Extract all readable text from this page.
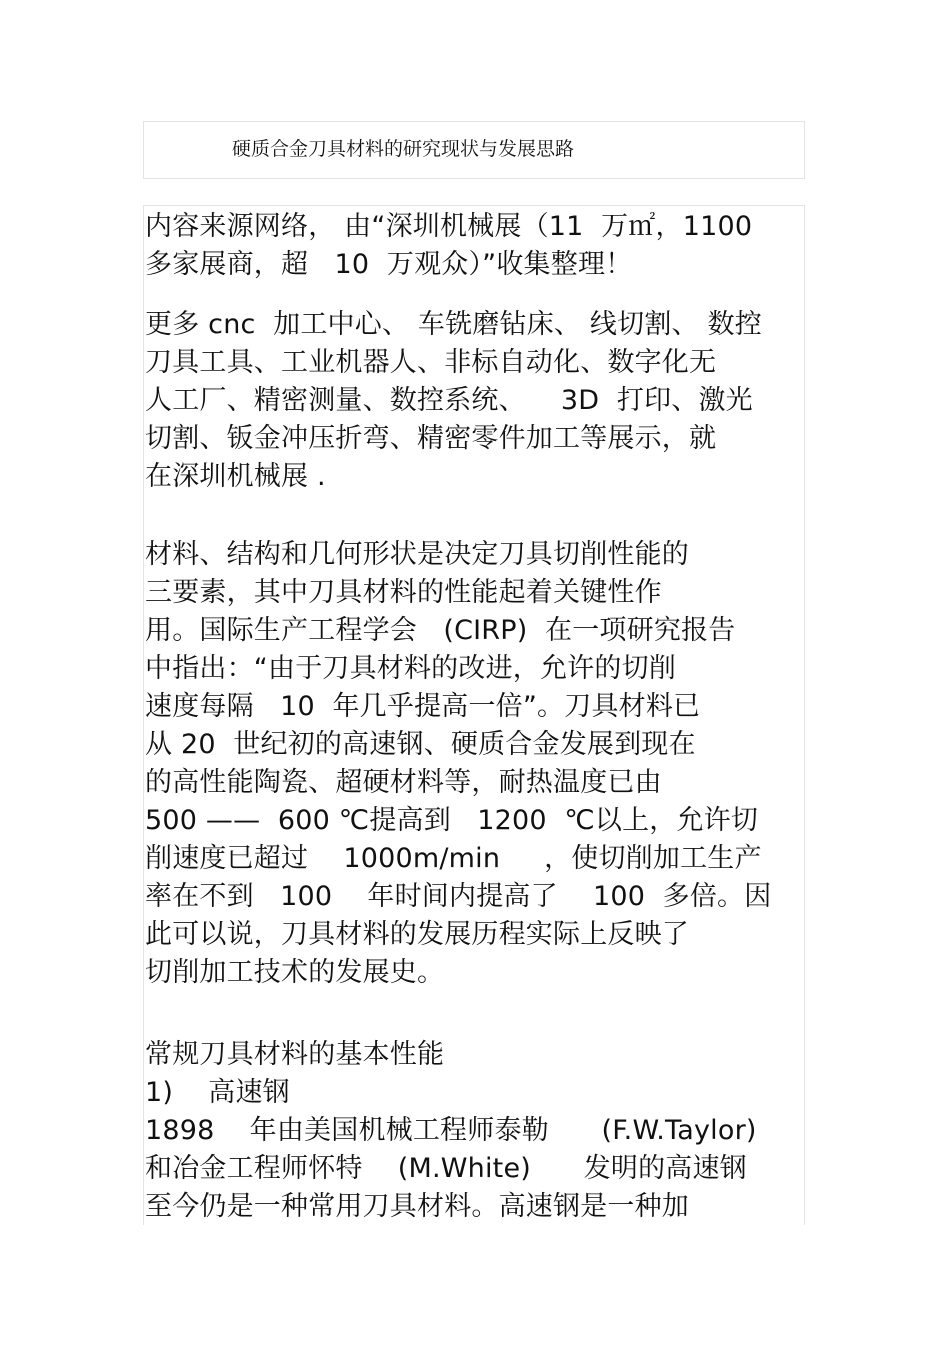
硬质合金刀具材料的研究现状与发展思路
内容来源网络， 由“深圳机械展（11  万㎡，1100
多家展商，超   10  万观众）”收集整理！
更多 cnc  加工中心、 车铣磨钻床、 线切割、 数控
刀具工具、工业机器人、非标自动化、数字化无
人工厂、精密测量、数控系统、    3D  打印、激光
切割、钣金冲压折弯、精密零件加工等展示，就
在深圳机械展 .
材料、结构和几何形状是决定刀具切削性能的
三要素，其中刀具材料的性能起着关键性作
用。国际生产工程学会   (CIRP)  在一项研究报告
中指出：“由于刀具材料的改进，允许的切削
速度每隔   10  年几乎提高一倍”。刀具材料已
从 20  世纪初的高速钢、硬质合金发展到现在
的高性能陶瓷、超硬材料等，耐热温度已由
500 ——  600 ℃提高到   1200  ℃以上，允许切
削速度已超过    1000m/min     ，使切削加工生产
率在不到   100    年时间内提高了    100  多倍。因
此可以说，刀具材料的发展历程实际上反映了
切削加工技术的发展史。
常规刀具材料的基本性能
1)    高速钢
1898    年由美国机械工程师泰勒      (F.W.Taylor)
和冶金工程师怀特    (M.White)      发明的高速钢
至今仍是一种常用刀具材料。高速钢是一种加
